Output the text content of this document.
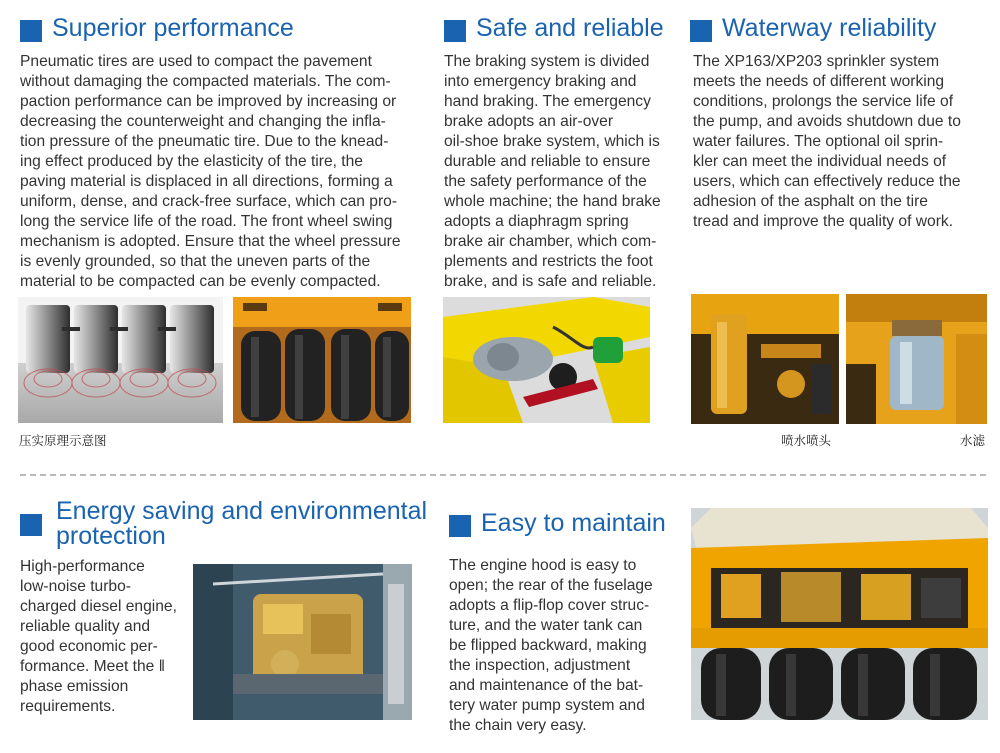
Superior performance

Pneumatic tires are used to compact the pavement

without damaging the compacted materials. The com-

paction performance can be improved by increasing or

decreasing the counterweight and changing the infla-

tion pressure of the pneumatic tire. Due to the knead-

ing effect produced by the elasticity of the tire, the

paving material is displaced in all directions, forming a

uniform, dense, and crack-free surface, which can pro-

long the service life of the road. The front wheel swing

mechanism is adopted. Ensure that the wheel pressure

is evenly grounded, so that the uneven parts of the

material to be compacted can be evenly compacted.

压实原理示意图
Safe and reliable

The braking system is divided

into emergency braking and

hand braking. The emergency

brake adopts an air-over

oil-shoe brake system, which is

durable and reliable to ensure

the safety performance of the

whole machine; the hand brake

adopts a diaphragm spring

brake air chamber, which com-

plements and restricts the foot

brake, and is safe and reliable.

Waterway reliability

The XP163/XP203 sprinkler system

meets the needs of different working

conditions, prolongs the service life of

the pump, and avoids shutdown due to

water failures. The optional oil sprin-

kler can meet the individual needs of

users, which can effectively reduce the

adhesion of the asphalt on the tire

tread and improve the quality of work.

喷水喷头	水滤
Energy saving and environmental
protection

High-performance

low-noise turbo-

charged diesel engine,

reliable quality and

good economic per-

formance. Meet the ‖

phase emission

requirements.

Easy to maintain

The engine hood is easy to

open; the rear of the fuselage

adopts a flip-flop cover struc-

ture, and the water tank can

be flipped backward, making

the inspection, adjustment

and maintenance of the bat-

tery water pump system and

the chain very easy.
